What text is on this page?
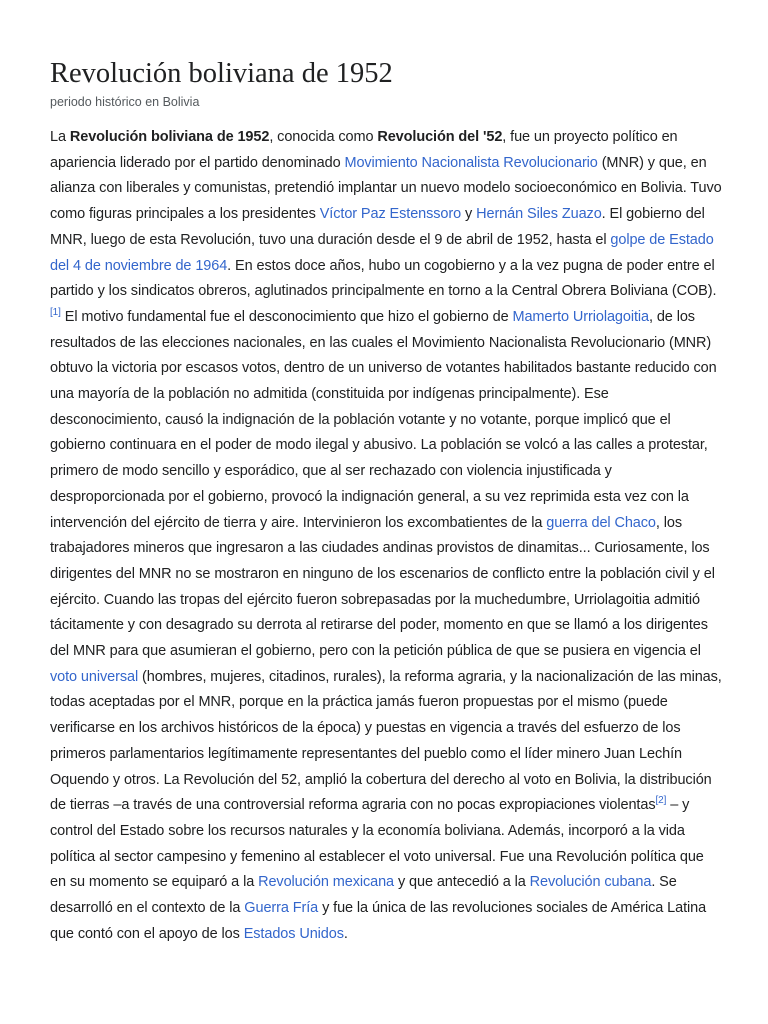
Revolución boliviana de 1952
periodo histórico en Bolivia

La Revolución boliviana de 1952, conocida como Revolución del '52, fue un proyecto político en apariencia liderado por el partido denominado Movimiento Nacionalista Revolucionario (MNR) y que, en alianza con liberales y comunistas, pretendió implantar un nuevo modelo socioeconómico en Bolivia. Tuvo como figuras principales a los presidentes Víctor Paz Estenssoro y Hernán Siles Zuazo. El gobierno del MNR, luego de esta Revolución, tuvo una duración desde el 9 de abril de 1952, hasta el golpe de Estado del 4 de noviembre de 1964. En estos doce años, hubo un cogobierno y a la vez pugna de poder entre el partido y los sindicatos obreros, aglutinados principalmente en torno a la Central Obrera Boliviana (COB).[1] El motivo fundamental fue el desconocimiento que hizo el gobierno de Mamerto Urriolagoitia, de los resultados de las elecciones nacionales, en las cuales el Movimiento Nacionalista Revolucionario (MNR) obtuvo la victoria por escasos votos, dentro de un universo de votantes habilitados bastante reducido con una mayoría de la población no admitida (constituida por indígenas principalmente). Ese desconocimiento, causó la indignación de la población votante y no votante, porque implicó que el gobierno continuara en el poder de modo ilegal y abusivo. La población se volcó a las calles a protestar, primero de modo sencillo y esporádico, que al ser rechazado con violencia injustificada y desproporcionada por el gobierno, provocó la indignación general, a su vez reprimida esta vez con la intervención del ejército de tierra y aire. Intervinieron los excombatientes de la guerra del Chaco, los trabajadores mineros que ingresaron a las ciudades andinas provistos de dinamitas... Curiosamente, los dirigentes del MNR no se mostraron en ninguno de los escenarios de conflicto entre la población civil y el ejército. Cuando las tropas del ejército fueron sobrepasadas por la muchedumbre, Urriolagoitia admitió tácitamente y con desagrado su derrota al retirarse del poder, momento en que se llamó a los dirigentes del MNR para que asumieran el gobierno, pero con la petición pública de que se pusiera en vigencia el voto universal (hombres, mujeres, citadinos, rurales), la reforma agraria, y la nacionalización de las minas, todas aceptadas por el MNR, porque en la práctica jamás fueron propuestas por el mismo (puede verificarse en los archivos históricos de la época) y puestas en vigencia a través del esfuerzo de los primeros parlamentarios legítimamente representantes del pueblo como el líder minero Juan Lechín Oquendo y otros. La Revolución del 52, amplió la cobertura del derecho al voto en Bolivia, la distribución de tierras –a través de una controversial reforma agraria con no pocas expropiaciones violentas[2] – y control del Estado sobre los recursos naturales y la economía boliviana. Además, incorporó a la vida política al sector campesino y femenino al establecer el voto universal. Fue una Revolución política que en su momento se equiparó a la Revolución mexicana y que antecedió a la Revolución cubana. Se desarrolló en el contexto de la Guerra Fría y fue la única de las revoluciones sociales de América Latina que contó con el apoyo de los Estados Unidos.
